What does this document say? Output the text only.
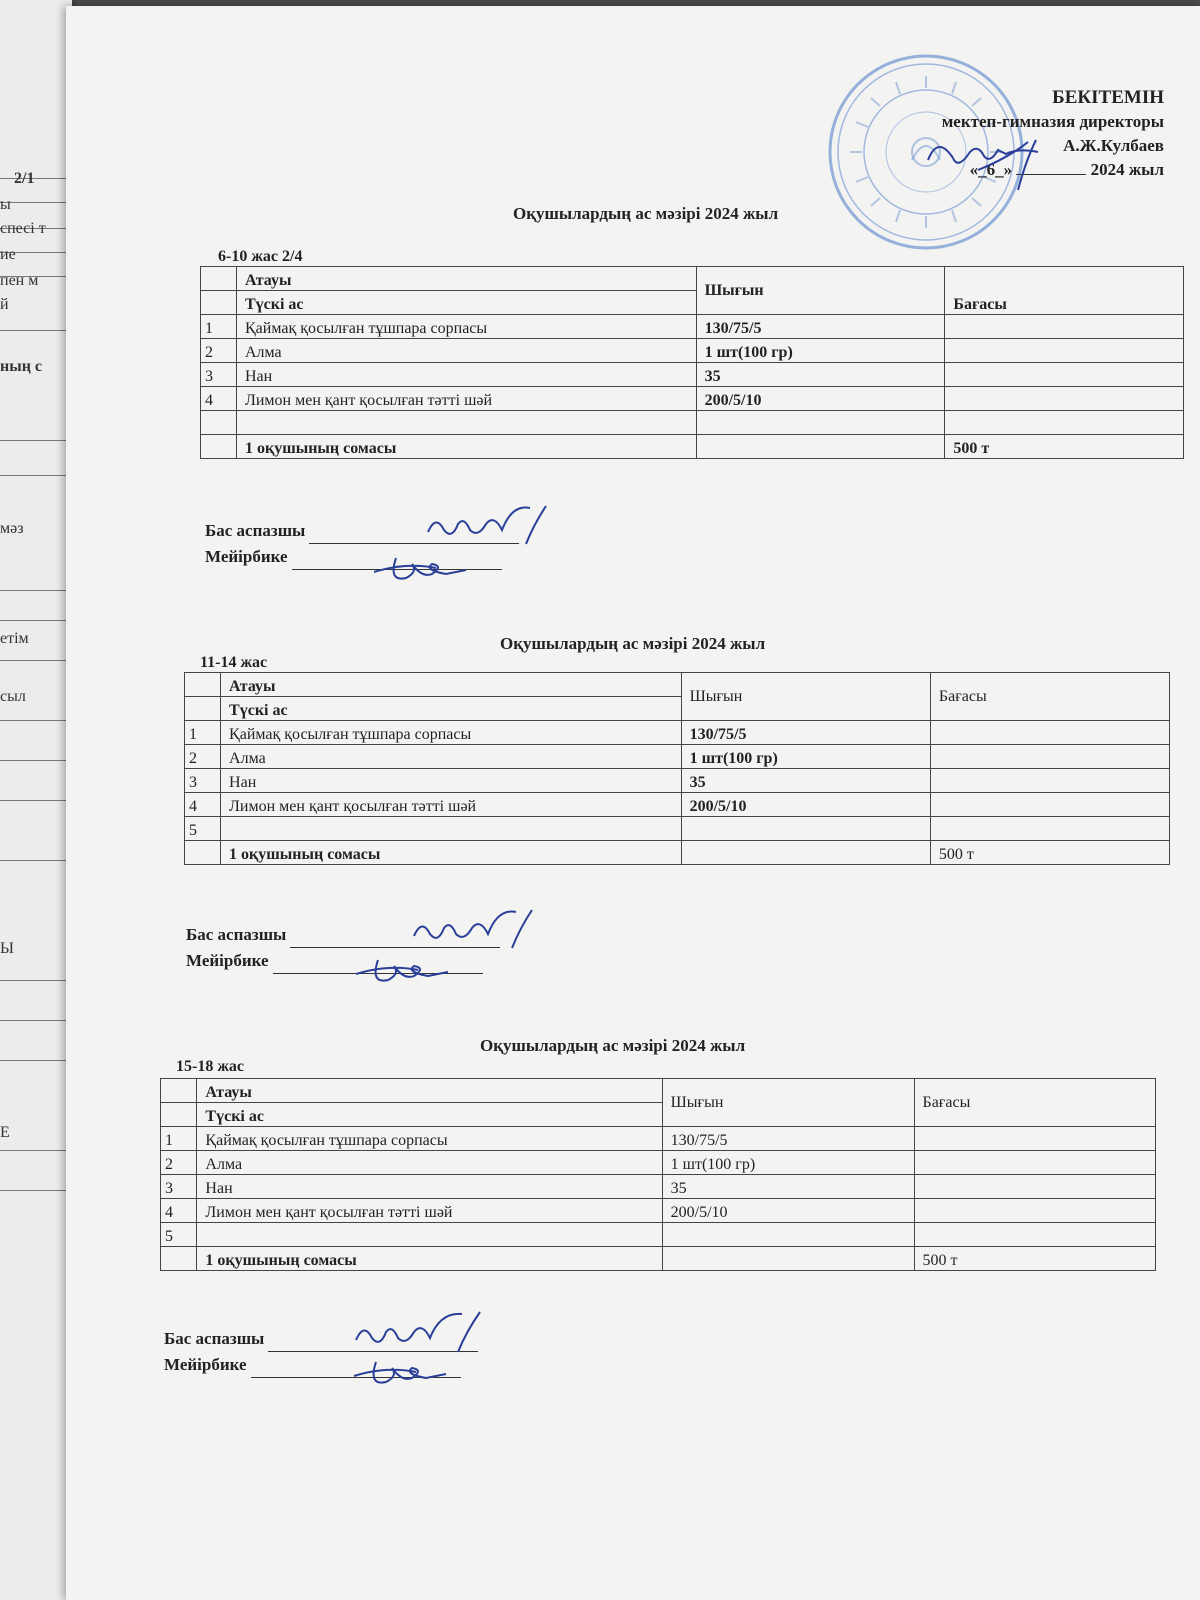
2/1
ы
спесі т
ие
пен м
й
ның с
мәз
етім
сыл
Ы
Е
БЕКІТЕМІН
мектеп-гимназия директоры
А.Ж.Кулбаев
«_6_»	2024 жыл
Оқушылардың ас мәзірі 2024 жыл
6-10 жас 2/4
	Атауы	Шығын	Бағасы
	Түскі ас		
1	Қаймақ қосылған тұшпара сорпасы	130/75/5	
2	Алма	1 шт(100 гр)	
3	Нан	35	
4	Лимон мен қант қосылған тәтті шәй	200/5/10	

	1 оқушының сомасы		500 т
Бас аспазшы
Мейірбике
Оқушылардың ас мәзірі 2024 жыл
11-14 жас
	Атауы	Шығын	Бағасы
	Түскі ас		
1	Қаймақ қосылған тұшпара сорпасы	130/75/5	
2	Алма	1 шт(100 гр)	
3	Нан	35	
4	Лимон мен қант қосылған тәтті шәй	200/5/10	
5			
	1 оқушының сомасы		500 т
Бас аспазшы
Мейірбике
Оқушылардың ас мәзірі 2024 жыл
15-18 жас
	Атауы	Шығын	Бағасы
	Түскі ас		
1	Қаймақ қосылған тұшпара сорпасы	130/75/5	
2	Алма	1 шт(100 гр)	
3	Нан	35	
4	Лимон мен қант қосылған тәтті шәй	200/5/10	
5			
	1 оқушының сомасы		500 т
Бас аспазшы
Мейірбике
